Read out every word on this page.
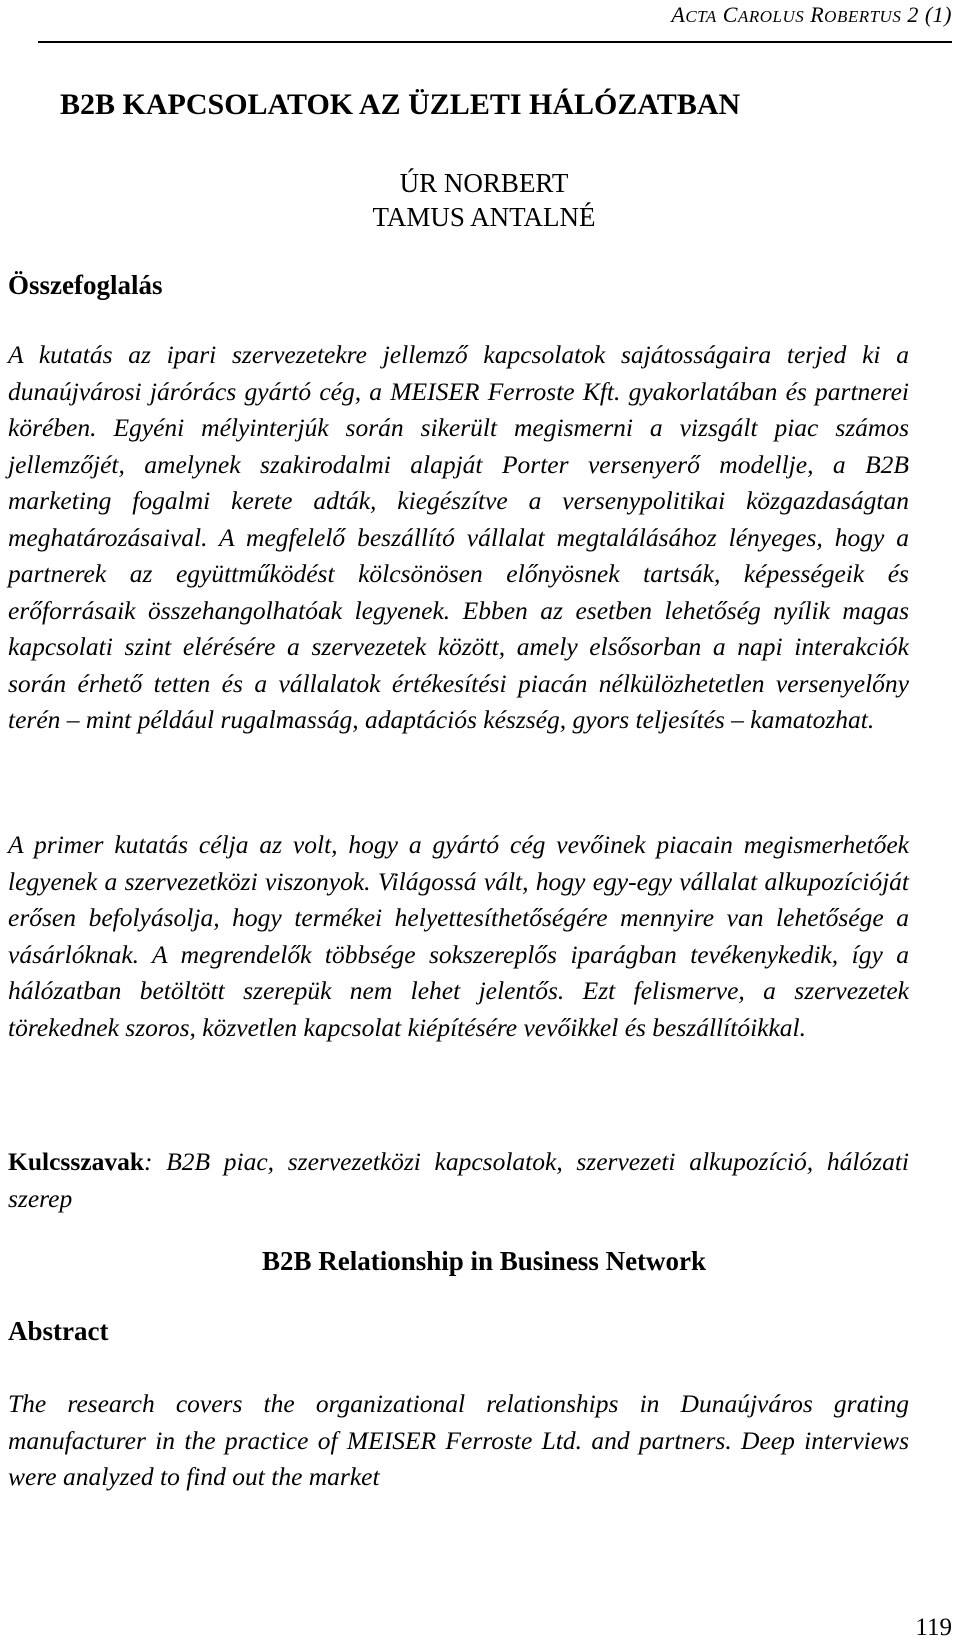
ACTA CAROLUS ROBERTUS 2 (1)
B2B KAPCSOLATOK AZ ÜZLETI HÁLÓZATBAN
ÚR NORBERT
TAMUS ANTALNÉ
Összefoglalás

A kutatás az ipari szervezetekre jellemző kapcsolatok sajátosságaira terjed ki a dunaújvárosi járórács gyártó cég, a MEISER Ferroste Kft. gyakorlatában és partnerei körében. Egyéni mélyinterjúk során sikerült megismerni a vizsgált piac számos jellemzőjét, amelynek szakirodalmi alapját Porter versenyerő modellje, a B2B marketing fogalmi kerete adták, kiegészítve a versenypolitikai közgazdaságtan meghatározásaival. A megfelelő beszállító vállalat megtalálásához lényeges, hogy a partnerek az együttműködést kölcsönösen előnyösnek tartsák, képességeik és erőforrásaik összehangolhatóak legyenek. Ebben az esetben lehetőség nyílik magas kapcsolati szint elérésére a szervezetek között, amely elsősorban a napi interakciók során érhető tetten és a vállalatok értékesítési piacán nélkülözhetetlen versenyelőny terén – mint például rugalmasság, adaptációs készség, gyors teljesítés – kamatozhat.

A primer kutatás célja az volt, hogy a gyártó cég vevőinek piacain megismerhetőek legyenek a szervezetközi viszonyok. Világossá vált, hogy egy-egy vállalat alkupozícióját erősen befolyásolja, hogy termékei helyettesíthetőségére mennyire van lehetősége a vásárlóknak. A megrendelők többsége sokszereplős iparágban tevékenykedik, így a hálózatban betöltött szerepük nem lehet jelentős. Ezt felismerve, a szervezetek törekednek szoros, közvetlen kapcsolat kiépítésére vevőikkel és beszállítóikkal.

Kulcsszavak: B2B piac, szervezetközi kapcsolatok, szervezeti alkupozíció, hálózati szerep

B2B Relationship in Business Network
Abstract

The research covers the organizational relationships in Dunaújváros grating manufacturer in the practice of MEISER Ferroste Ltd. and partners. Deep interviews were analyzed to find out the market

119
